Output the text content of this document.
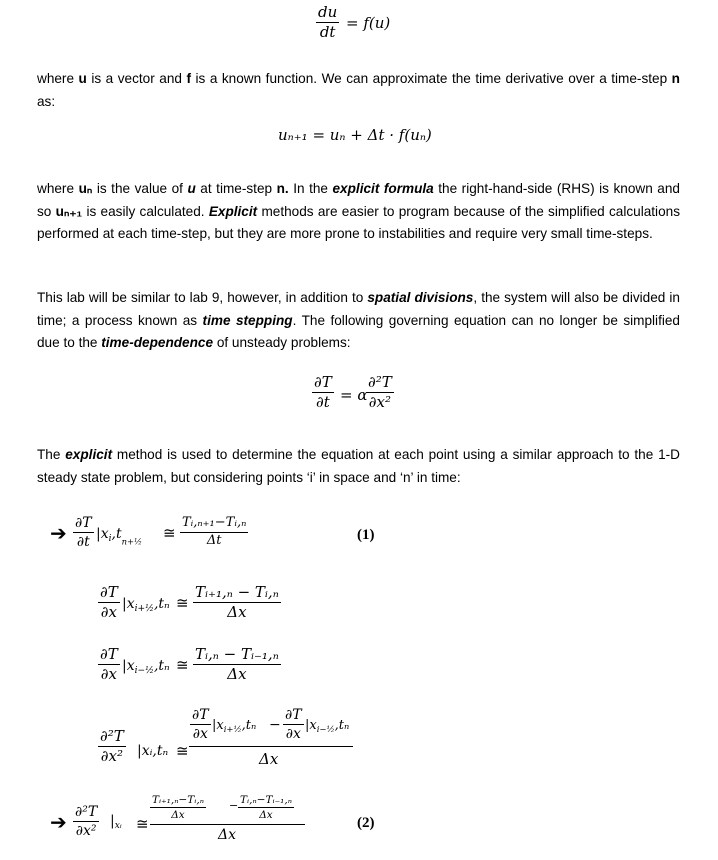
$\frac{du}{dt} = f(u)$
where u is a vector and f is a known function. We can approximate the time derivative over a time-step n as:
uₙ₊₁ = uₙ + Δt · f(uₙ)
where uₙ is the value of u at time-step n. In the explicit formula the right-hand-side (RHS) is known and so uₙ₊₁ is easily calculated. Explicit methods are easier to program because of the simplified calculations performed at each time-step, but they are more prone to instabilities and require very small time-steps.
This lab will be similar to lab 9, however, in addition to spatial divisions, the system will also be divided in time; a process known as time stepping. The following governing equation can no longer be simplified due to the time-dependence of unsteady problems:
$\frac{\partial T}{\partial t} = \alpha$
$\frac{\text{∂²T}}{\text{∂x²}}$
The explicit method is used to determine the equation at each point using a similar approach to the 1-D steady state problem, but considering points ‘i’ in space and ‘n’ in time:
➔ $\frac{\partial T}{\partial t} |x_i,t_{n+\frac{1}{2}}$ ≅ $\frac{\text{Tᵢ,ₙ₊₁−Tᵢ,ₙ}}{\Delta t}$	(1)
$\frac{\partial T}{\partial x} |x_{i+\frac{1}{2}},t_n$ ≅ $\frac{\text{Tᵢ₊₁,ₙ − Tᵢ,ₙ}}{\Delta x}$
$\frac{\partial T}{\partial x} |x_{i-\frac{1}{2}},t_n$ ≅ $\frac{\text{Tᵢ,ₙ − Tᵢ₋₁,ₙ}}{\Delta x}$
$\frac{\text{∂²T}}{\text{∂x²}}$ |xᵢ,tₙ ≅
$\frac{\partial T}{\partial x} |x_{i+\frac{1}{2}},t_n - \frac{\partial T}{\partial x} |x_{i-\frac{1}{2}},t_n$
Δx
➔ $\frac{\text{∂²T}}{\text{∂x²}} |_{xᵢ}$ ≅
$\frac{\text{Tᵢ₊₁,ₙ−Tᵢ,ₙ}}{\Delta x} - \frac{\text{Tᵢ,ₙ−Tᵢ₋₁,ₙ}}{\Delta x}$
Δx
(2)
